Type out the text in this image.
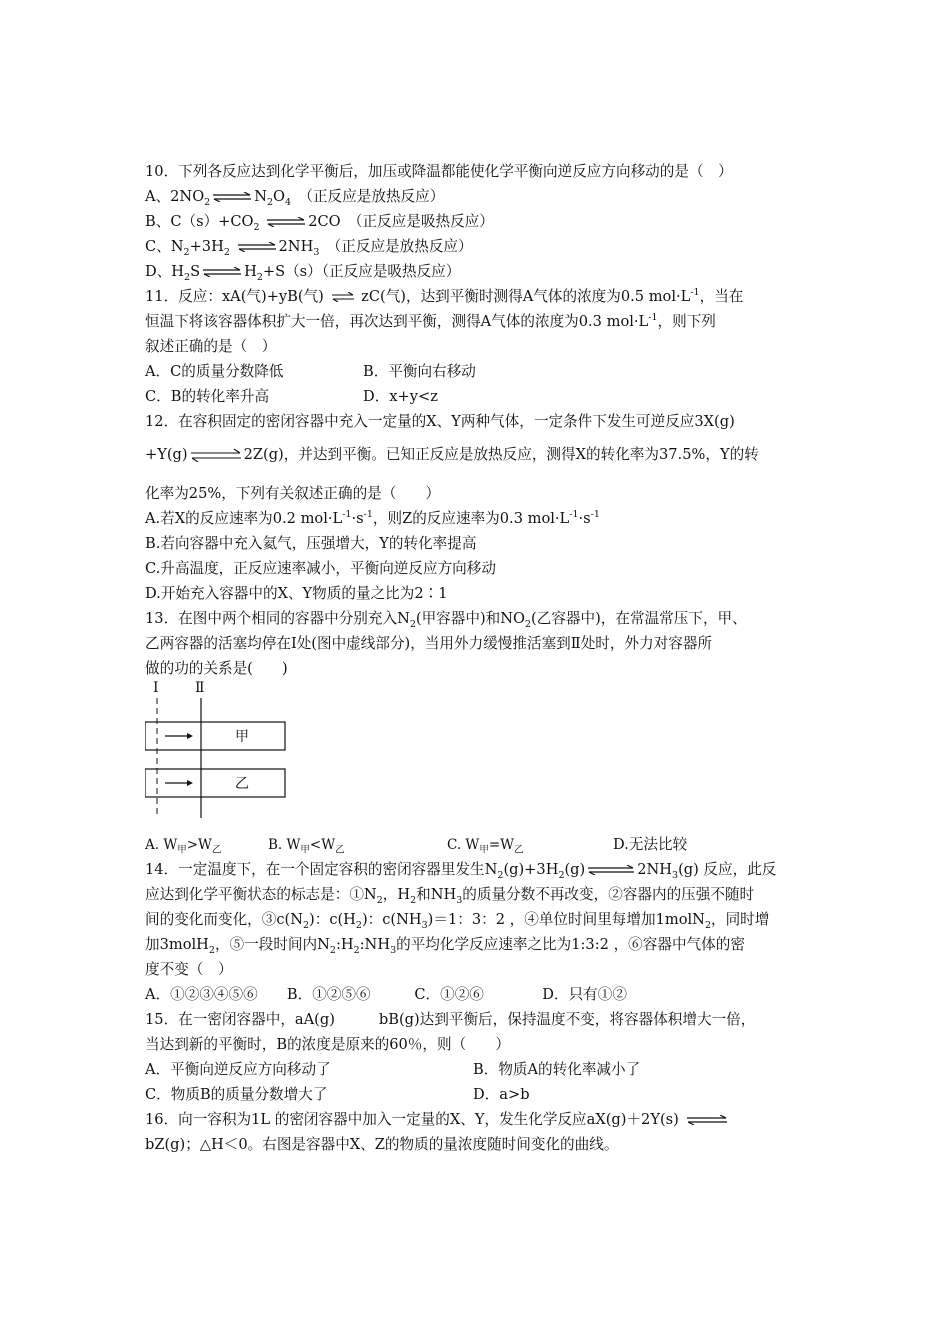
10．下列各反应达到化学平衡后，加压或降温都能使化学平衡向逆反应方向移动的是（　）
A、$2NO_2$ ⇌ $N_2O_4$　 （正反应是放热反应）
B、$C(s)+CO_2$ ⇌ 2CO　（正反应是吸热反应）
C、$N_2+3H_2$ ⇌ $2NH_3$　 （正反应是放热反应）
D、$H_2S$ ⇌ $H_2+S(s)$（正反应是吸热反应）
11．反应：xA(气)+yB(气) ⇌ zC(气)，达到平衡时测得A气体的浓度为0.5 $mol\cdot L^{-1}$，当在
恒温下将该容器体积扩大一倍，再次达到平衡，测得A气体的浓度为0.3 $mol\cdot L^{-1}$，则下列
叙述正确的是（　）
A．C的质量分数降低	B．平衡向右移动
C．B的转化率升高	D．x+y<z
12．在容积固定的密闭容器中充入一定量的X、Y两种气体，一定条件下发生可逆反应3X(g)
+Y(g) ⇌ 2Z(g)，并达到平衡。已知正反应是放热反应，测得X的转化率为37.5%，Y的转
化率为25%，下列有关叙述正确的是（　　）
A.若X的反应速率为0.2 $mol\cdot L^{-1}\cdot s^{-1}$，则Z的反应速率为0.3 $mol\cdot L^{-1}\cdot s^{-1}$
B.若向容器中充入氦气，压强增大，Y的转化率提高
C.升高温度，正反应速率减小，平衡向逆反应方向移动
D.开始充入容器中的X、Y物质的量之比为2∶1
13．在图中两个相同的容器中分别充入$N_2$(甲容器中)和$NO_2$(乙容器中)，在常温常压下，甲、
乙两容器的活塞均停在Ⅰ处(图中虚线部分)，当用外力缓慢推活塞到Ⅱ处时，外力对容器所
做的功的关系是(　　)
Ⅰ	Ⅱ
甲
乙
A. $W_甲>W_乙$	B. $W_甲<W_乙$	C. $W_甲=W_乙$	D.无法比较
14．一定温度下，在一个固定容积的密闭容器里发生$N_2(g)+3H_2(g)$ ⇌ $2NH_3(g)$ 反应，此反
应达到化学平衡状态的标志是：$①N_2$，$H_2$和$NH_3$的质量分数不再改变，②容器内的压强不随时
间的变化而变化，$③c(N_2)$：$c(H_2)$：$c(NH_3)=1$：3：2 ，④单位时间里每增加1molN$_2$，同时增
加3molH$_2$，⑤一段时间内$N_2:H_2:NH_3$的平均化学反应速率之比为1:3:2 ，⑥容器中气体的密
度不变（　）
A．①②③④⑤⑥　　B．①②⑤⑥　　　C．①②⑥　　　　D．只有①②
15．在一密闭容器中，aA(g)	bB(g)达到平衡后，保持温度不变，将容器体积增大一倍，
当达到新的平衡时，B的浓度是原来的60％，则（　　）
A．平衡向逆反应方向移动了	B．物质A的转化率减小了
C．物质B的质量分数增大了	D．a>b
16．向一容积为1L 的密闭容器中加入一定量的X、Y，发生化学反应aX(g)＋2Y(s) ⇌
bZ(g)；△H＜0。右图是容器中X、Z的物质的量浓度随时间变化的曲线。
